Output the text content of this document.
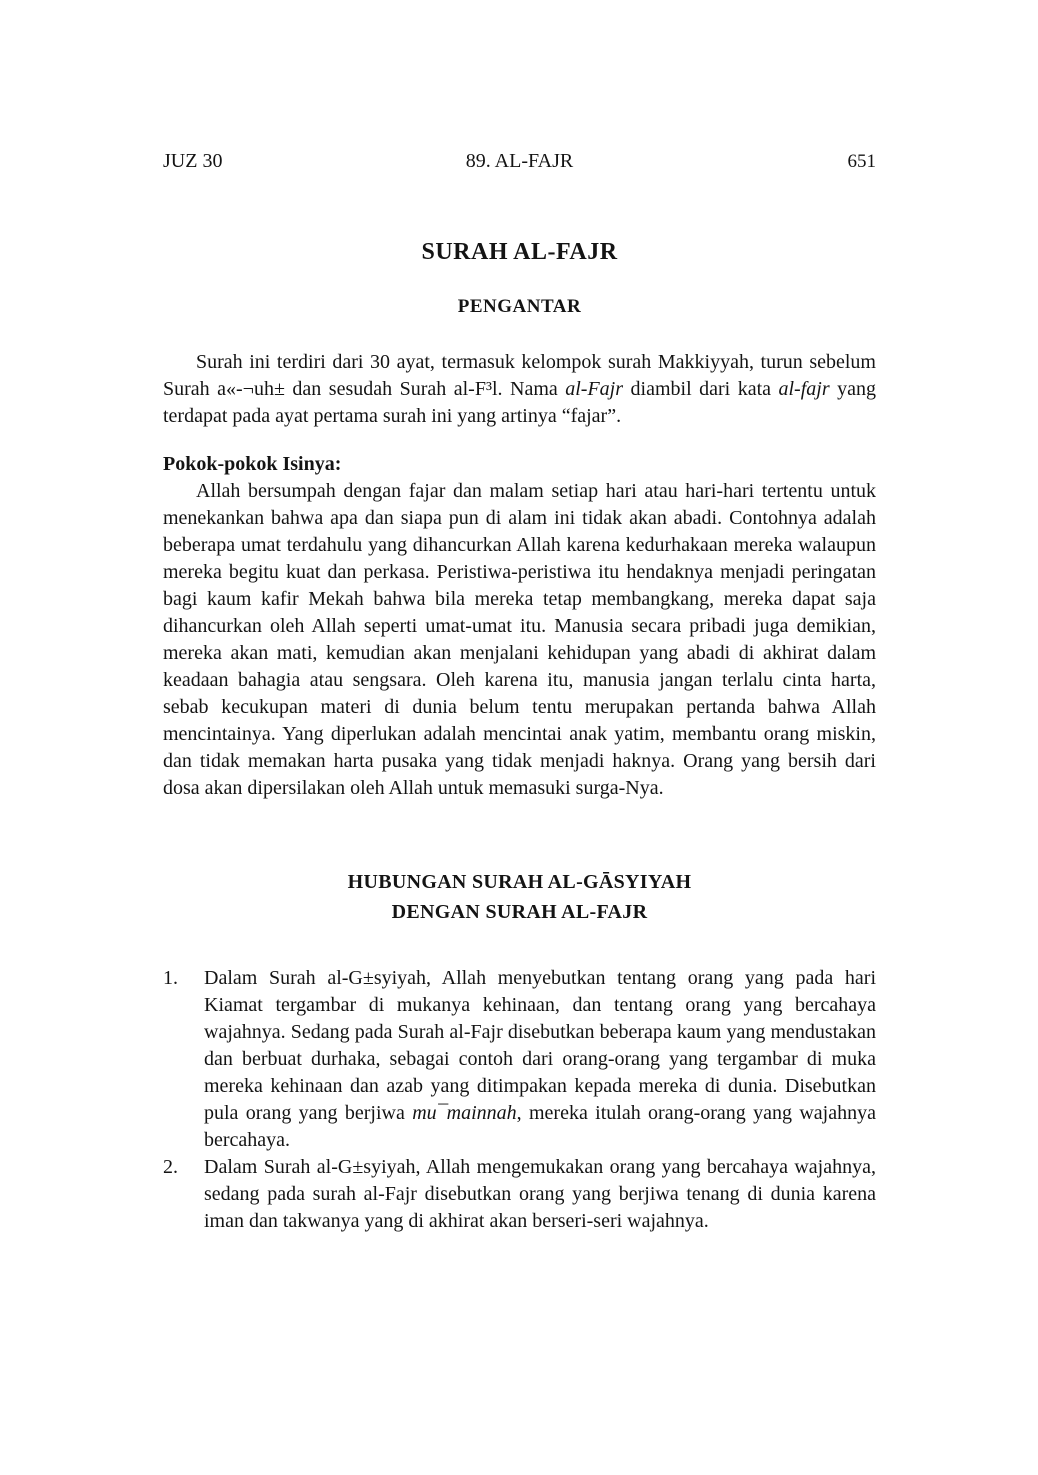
JUZ 30	89. AL-FAJR	651
SURAH AL-FAJR
PENGANTAR

Surah ini terdiri dari 30 ayat, termasuk kelompok surah Makkiyyah, turun sebelum Surah a«-¬uh± dan sesudah Surah al-F³l. Nama al-Fajr diambil dari kata al-fajr yang terdapat pada ayat pertama surah ini yang artinya “fajar”.

Pokok-pokok Isinya:

Allah bersumpah dengan fajar dan malam setiap hari atau hari-hari tertentu untuk menekankan bahwa apa dan siapa pun di alam ini tidak akan abadi. Contohnya adalah beberapa umat terdahulu yang dihancurkan Allah karena kedurhakaan mereka walaupun mereka begitu kuat dan perkasa. Peristiwa-peristiwa itu hendaknya menjadi peringatan bagi kaum kafir Mekah bahwa bila mereka tetap membangkang, mereka dapat saja dihancurkan oleh Allah seperti umat-umat itu. Manusia secara pribadi juga demikian, mereka akan mati, kemudian akan menjalani kehidupan yang abadi di akhirat dalam keadaan bahagia atau sengsara. Oleh karena itu, manusia jangan terlalu cinta harta, sebab kecukupan materi di dunia belum tentu merupakan pertanda bahwa Allah mencintainya. Yang diperlukan adalah mencintai anak yatim, membantu orang miskin, dan tidak memakan harta pusaka yang tidak menjadi haknya. Orang yang bersih dari dosa akan dipersilakan oleh Allah untuk memasuki surga-Nya.

HUBUNGAN SURAH AL-GĀSYIYAH
DENGAN SURAH AL-FAJR
1.	Dalam Surah al-G±syiyah, Allah menyebutkan tentang orang yang pada hari Kiamat tergambar di mukanya kehinaan, dan tentang orang yang bercahaya wajahnya. Sedang pada Surah al-Fajr disebutkan beberapa kaum yang mendustakan dan berbuat durhaka, sebagai contoh dari orang-orang yang tergambar di muka mereka kehinaan dan azab yang ditimpakan kepada mereka di dunia. Disebutkan pula orang yang berjiwa mu¯mainnah, mereka itulah orang-orang yang wajahnya bercahaya.
2.	Dalam Surah al-G±syiyah, Allah mengemukakan orang yang bercahaya wajahnya, sedang pada surah al-Fajr disebutkan orang yang berjiwa tenang di dunia karena iman dan takwanya yang di akhirat akan berseri-seri wajahnya.
